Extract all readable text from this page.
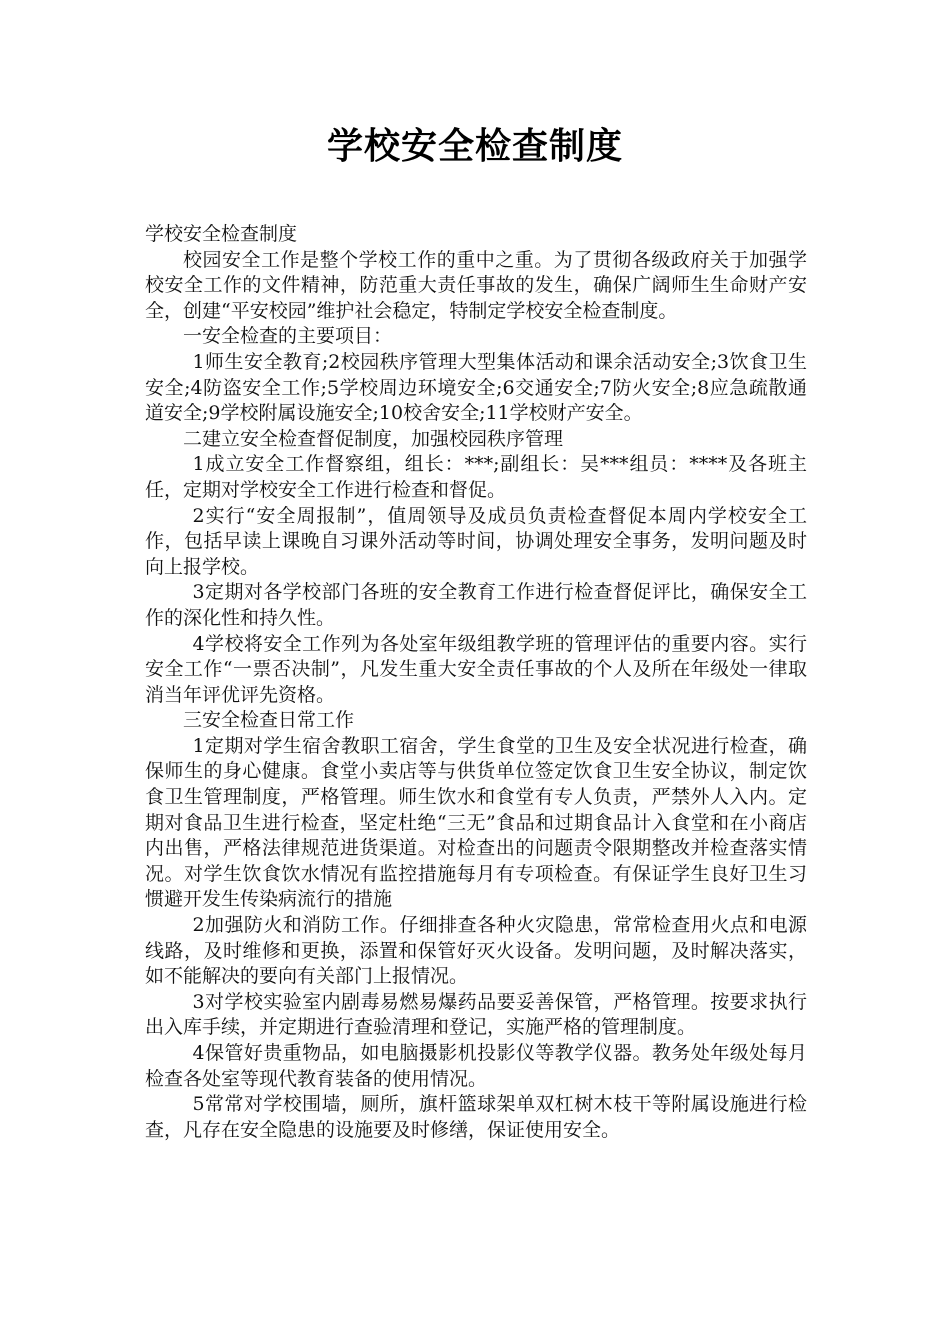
学校安全检查制度

学校安全检查制度

校园安全工作是整个学校工作的重中之重。为了贯彻各级政府关于加强学校安全工作的文件精神，防范重大责任事故的发生，确保广阔师生生命财产安全，创建“平安校园”维护社会稳定，特制定学校安全检查制度。

一安全检查的主要项目：

1师生安全教育;2校园秩序管理大型集体活动和课余活动安全;3饮食卫生安全;4防盗安全工作;5学校周边环境安全;6交通安全;7防火安全;8应急疏散通道安全;9学校附属设施安全;10校舍安全;11学校财产安全。

二建立安全检查督促制度，加强校园秩序管理

1成立安全工作督察组，组长：***;副组长：吴***组员：****及各班主任，定期对学校安全工作进行检查和督促。

2实行“安全周报制”，值周领导及成员负责检查督促本周内学校安全工作，包括早读上课晚自习课外活动等时间，协调处理安全事务，发明问题及时向上报学校。

3定期对各学校部门各班的安全教育工作进行检查督促评比，确保安全工作的深化性和持久性。

4学校将安全工作列为各处室年级组教学班的管理评估的重要内容。实行安全工作“一票否决制”，凡发生重大安全责任事故的个人及所在年级处一律取消当年评优评先资格。

三安全检查日常工作

1定期对学生宿舍教职工宿舍，学生食堂的卫生及安全状况进行检查，确保师生的身心健康。食堂小卖店等与供货单位签定饮食卫生安全协议，制定饮食卫生管理制度，严格管理。师生饮水和食堂有专人负责，严禁外人入内。定期对食品卫生进行检查，坚定杜绝“三无”食品和过期食品计入食堂和在小商店内出售，严格法律规范进货渠道。对检查出的问题责令限期整改并检查落实情况。对学生饮食饮水情况有监控措施每月有专项检查。有保证学生良好卫生习惯避开发生传染病流行的措施

2加强防火和消防工作。仔细排查各种火灾隐患，常常检查用火点和电源线路，及时维修和更换，添置和保管好灭火设备。发明问题，及时解决落实，如不能解决的要向有关部门上报情况。

3对学校实验室内剧毒易燃易爆药品要妥善保管，严格管理。按要求执行出入库手续，并定期进行查验清理和登记，实施严格的管理制度。

4保管好贵重物品，如电脑摄影机投影仪等教学仪器。教务处年级处每月检查各处室等现代教育装备的使用情况。

5常常对学校围墙，厕所，旗杆篮球架单双杠树木枝干等附属设施进行检查，凡存在安全隐患的设施要及时修缮，保证使用安全。
